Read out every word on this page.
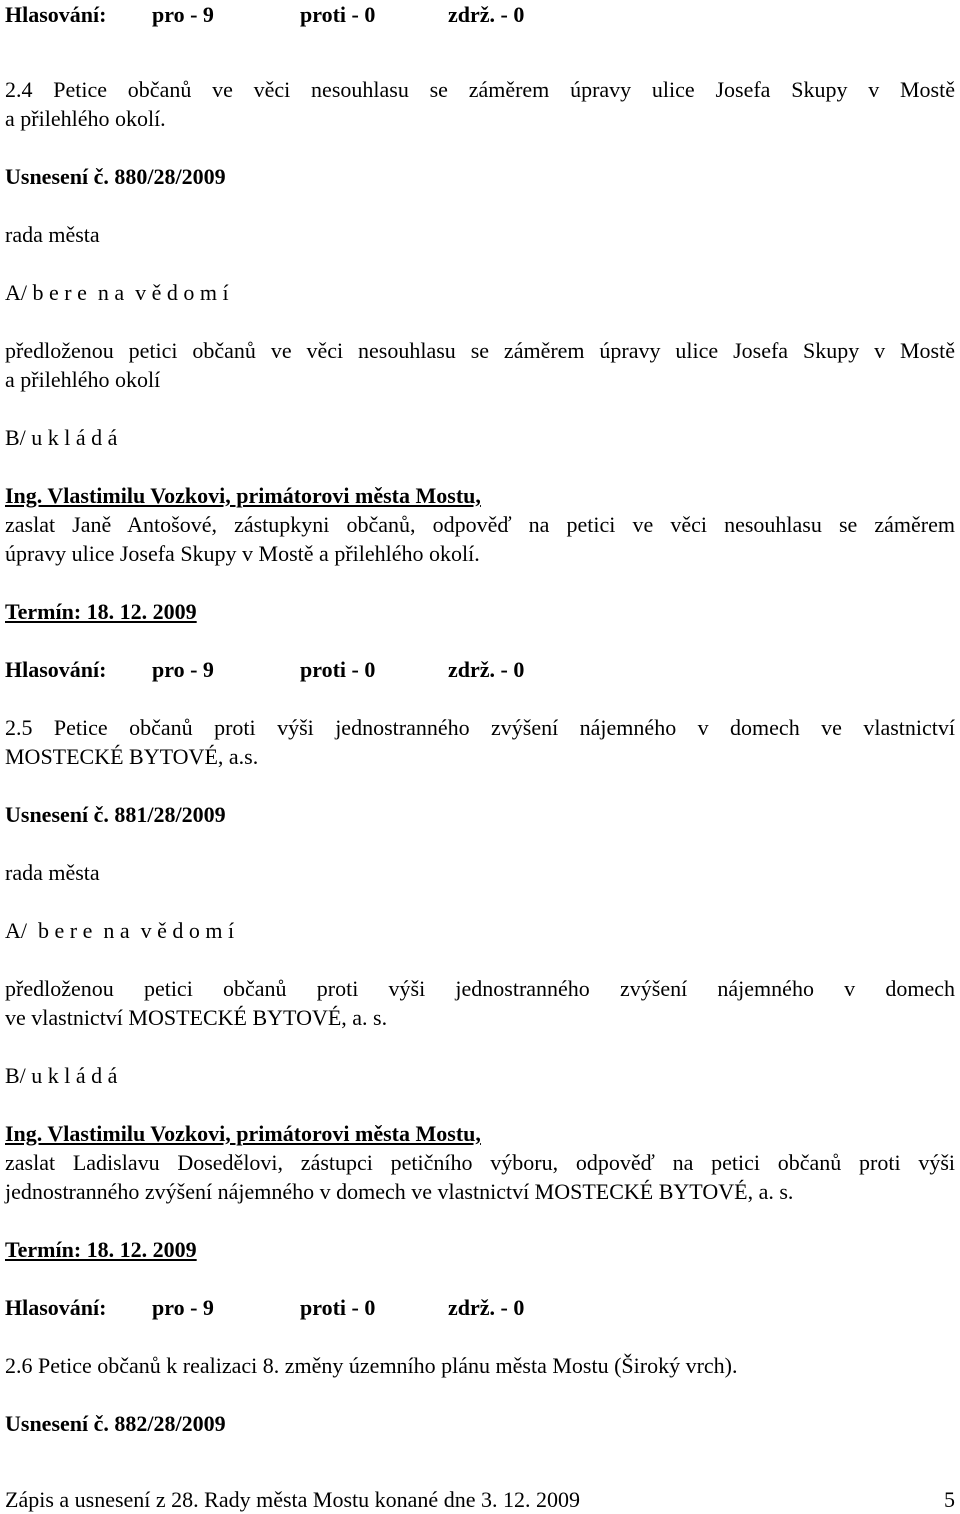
Hlasování: pro - 9	proti - 0	zdrž. - 0
2.4 Petice občanů ve věci nesouhlasu se záměrem úpravy ulice Josefa Skupy v Mostě
a přilehlého okolí.
Usnesení č. 880/28/2009
rada města
A/ b e r e  n a  v ě d o m í
předloženou petici občanů ve věci nesouhlasu se záměrem úpravy ulice Josefa Skupy v Mostě
a přilehlého okolí
B/ u k l á d á
Ing. Vlastimilu Vozkovi, primátorovi města Mostu,
zaslat Janě Antošové, zástupkyni občanů, odpověď na petici ve věci nesouhlasu se záměrem
úpravy ulice Josefa Skupy v Mostě a přilehlého okolí.
Termín: 18. 12. 2009
Hlasování: pro - 9	proti - 0	zdrž. - 0
2.5 Petice občanů proti výši jednostranného zvýšení nájemného v domech ve vlastnictví
MOSTECKÉ BYTOVÉ, a.s.
Usnesení č. 881/28/2009
rada města
A/  b e r e  n a  v ě d o m í
předloženou petici občanů proti výši jednostranného zvýšení nájemného v domech
ve vlastnictví MOSTECKÉ BYTOVÉ, a. s.
B/ u k l á d á
Ing. Vlastimilu Vozkovi, primátorovi města Mostu,
zaslat Ladislavu Dosedělovi, zástupci petičního výboru, odpověď na petici občanů proti výši
jednostranného zvýšení nájemného v domech ve vlastnictví MOSTECKÉ BYTOVÉ, a. s.
Termín: 18. 12. 2009
Hlasování: pro - 9	proti - 0	zdrž. - 0
2.6 Petice občanů k realizaci 8. změny územního plánu města Mostu (Široký vrch).
Usnesení č. 882/28/2009
Zápis a usnesení z 28. Rady města Mostu konané dne 3. 12. 2009	5
